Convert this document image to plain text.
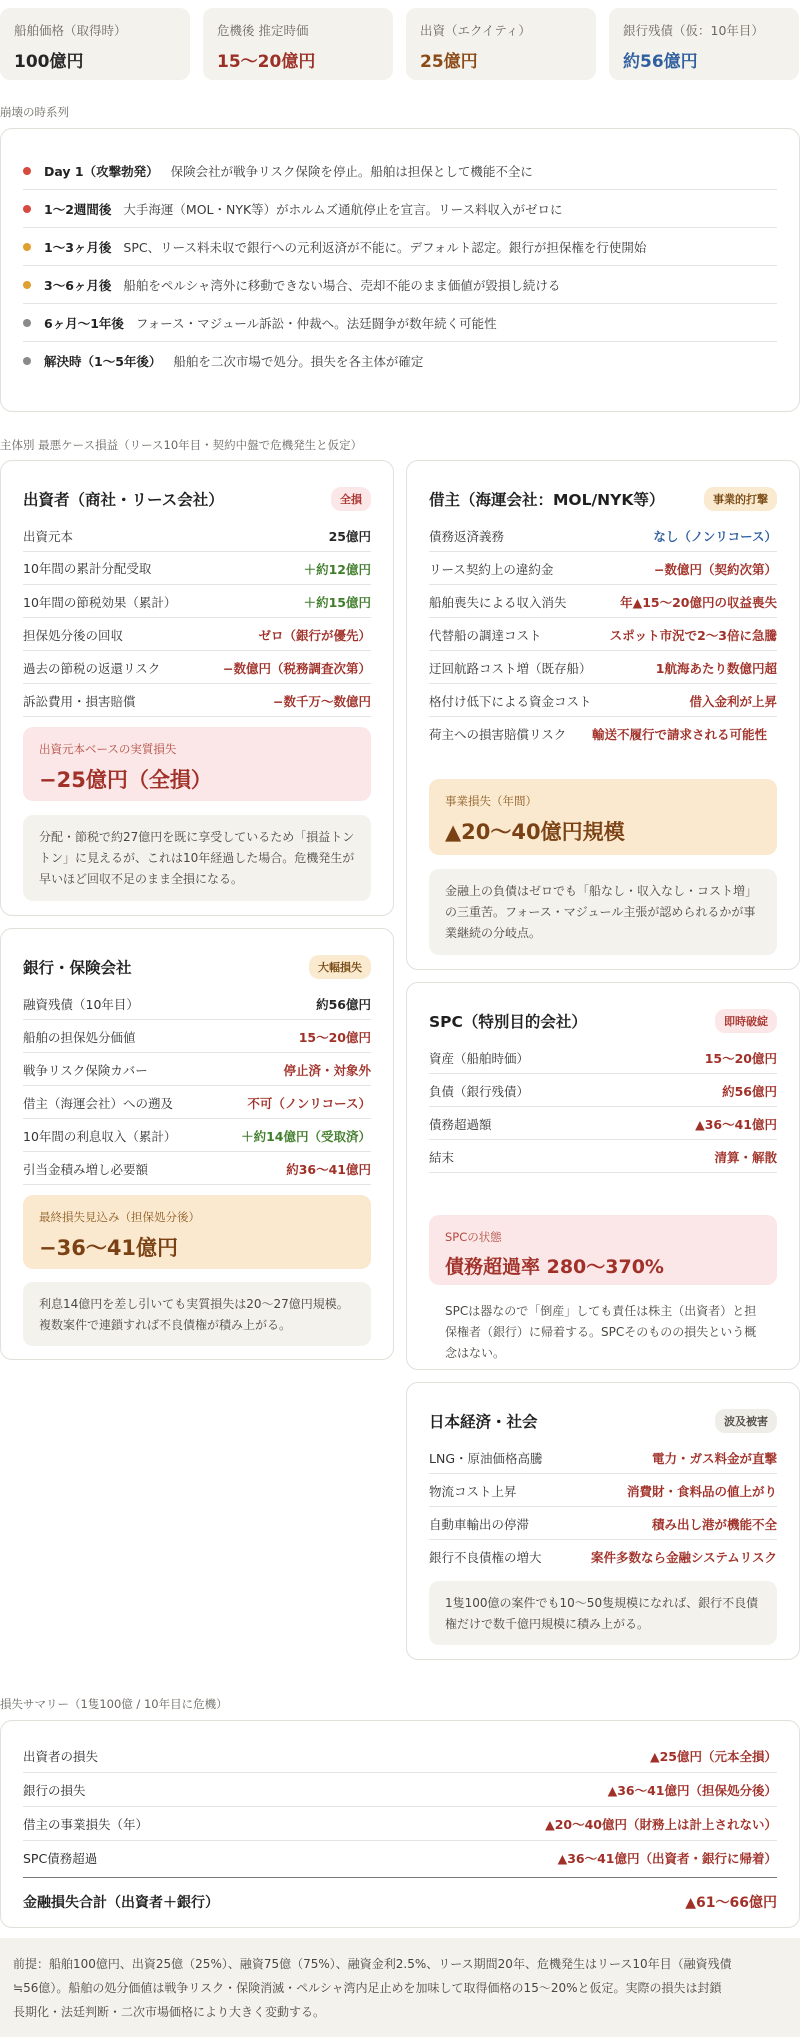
船舶価格（取得時）
100億円
危機後 推定時価
15〜20億円
出資（エクイティ）
25億円
銀行残債（仮：10年目）
約56億円
崩壊の時系列
Day 1（攻撃勃発） 保険会社が戦争リスク保険を停止。船舶は担保として機能不全に
1〜2週間後 大手海運（MOL・NYK等）がホルムズ通航停止を宣言。リース料収入がゼロに
1〜3ヶ月後 SPC、リース料未収で銀行への元利返済が不能に。デフォルト認定。銀行が担保権を行使開始
3〜6ヶ月後 船舶をペルシャ湾外に移動できない場合、売却不能のまま価値が毀損し続ける
6ヶ月〜1年後 フォース・マジュール訴訟・仲裁へ。法廷闘争が数年続く可能性
解決時（1〜5年後） 船舶を二次市場で処分。損失を各主体が確定
主体別 最悪ケース損益（リース10年目・契約中盤で危機発生と仮定）
出資者（商社・リース会社）	全損
出資元本	25億円
10年間の累計分配受取	＋約12億円
10年間の節税効果（累計）	＋約15億円
担保処分後の回収	ゼロ（銀行が優先）
過去の節税の返還リスク	−数億円（税務調査次第）
訴訟費用・損害賠償	−数千万〜数億円
出資元本ベースの実質損失
−25億円（全損）
分配・節税で約27億円を既に享受しているため「損益トントン」に見えるが、これは10年経過した場合。危機発生が早いほど回収不足のまま全損になる。
銀行・保険会社	大幅損失
融資残債（10年目）	約56億円
船舶の担保処分価値	15〜20億円
戦争リスク保険カバー	停止済・対象外
借主（海運会社）への遡及	不可（ノンリコース）
10年間の利息収入（累計）	＋約14億円（受取済）
引当金積み増し必要額	約36〜41億円
最終損失見込み（担保処分後）
−36〜41億円
利息14億円を差し引いても実質損失は20〜27億円規模。複数案件で連鎖すれば不良債権が積み上がる。
借主（海運会社：MOL/NYK等）	事業的打撃
債務返済義務	なし（ノンリコース）
リース契約上の違約金	−数億円（契約次第）
船舶喪失による収入消失	年▲15〜20億円の収益喪失
代替船の調達コスト	スポット市況で2〜3倍に急騰
迂回航路コスト増（既存船）	1航海あたり数億円超
格付け低下による資金コスト	借入金利が上昇
荷主への損害賠償リスク	輸送不履行で請求される可能性
事業損失（年間）
▲20〜40億円規模
金融上の負債はゼロでも「船なし・収入なし・コスト増」の三重苦。フォース・マジュール主張が認められるかが事業継続の分岐点。
SPC（特別目的会社）	即時破綻
資産（船舶時価）	15〜20億円
負債（銀行残債）	約56億円
債務超過額	▲36〜41億円
結末	清算・解散
SPCの状態
債務超過率 280〜370%
SPCは器なので「倒産」しても責任は株主（出資者）と担保権者（銀行）に帰着する。SPCそのものの損失という概念はない。
日本経済・社会	波及被害
LNG・原油価格高騰	電力・ガス料金が直撃
物流コスト上昇	消費財・食料品の値上がり
自動車輸出の停滞	積み出し港が機能不全
銀行不良債権の増大	案件多数なら金融システムリスク
1隻100億の案件でも10〜50隻規模になれば、銀行不良債権だけで数千億円規模に積み上がる。
損失サマリー（1隻100億 / 10年目に危機）
出資者の損失	▲25億円（元本全損）
銀行の損失	▲36〜41億円（担保処分後）
借主の事業損失（年）	▲20〜40億円（財務上は計上されない）
SPC債務超過	▲36〜41億円（出資者・銀行に帰着）
金融損失合計（出資者＋銀行）	▲61〜66億円
前提：船舶100億円、出資25億（25%）、融資75億（75%）、融資金利2.5%、リース期間20年、危機発生はリース10年目（融資残債
≒56億）。船舶の処分価値は戦争リスク・保険消滅・ペルシャ湾内足止めを加味して取得価格の15〜20%と仮定。実際の損失は封鎖
長期化・法廷判断・二次市場価格により大きく変動する。
